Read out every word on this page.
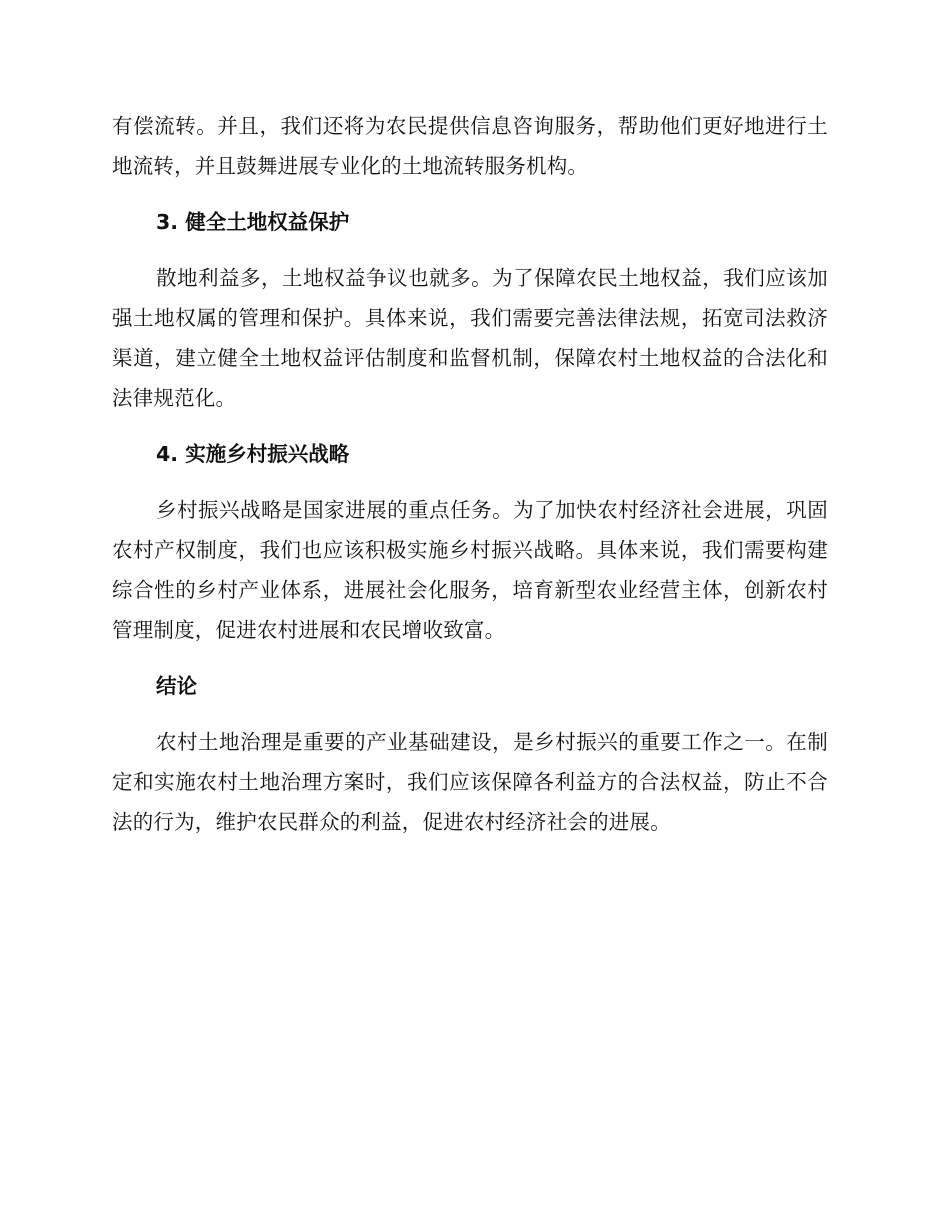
有偿流转。并且，我们还将为农民提供信息咨询服务，帮助他们更好地进行土地流转，并且鼓舞进展专业化的土地流转服务机构。

3. 健全土地权益保护

散地利益多，土地权益争议也就多。为了保障农民土地权益，我们应该加强土地权属的管理和保护。具体来说，我们需要完善法律法规，拓宽司法救济渠道，建立健全土地权益评估制度和监督机制，保障农村土地权益的合法化和法律规范化。

4. 实施乡村振兴战略

乡村振兴战略是国家进展的重点任务。为了加快农村经济社会进展，巩固农村产权制度，我们也应该积极实施乡村振兴战略。具体来说，我们需要构建综合性的乡村产业体系，进展社会化服务，培育新型农业经营主体，创新农村管理制度，促进农村进展和农民增收致富。

结论

农村土地治理是重要的产业基础建设，是乡村振兴的重要工作之一。在制定和实施农村土地治理方案时，我们应该保障各利益方的合法权益，防止不合法的行为，维护农民群众的利益，促进农村经济社会的进展。
